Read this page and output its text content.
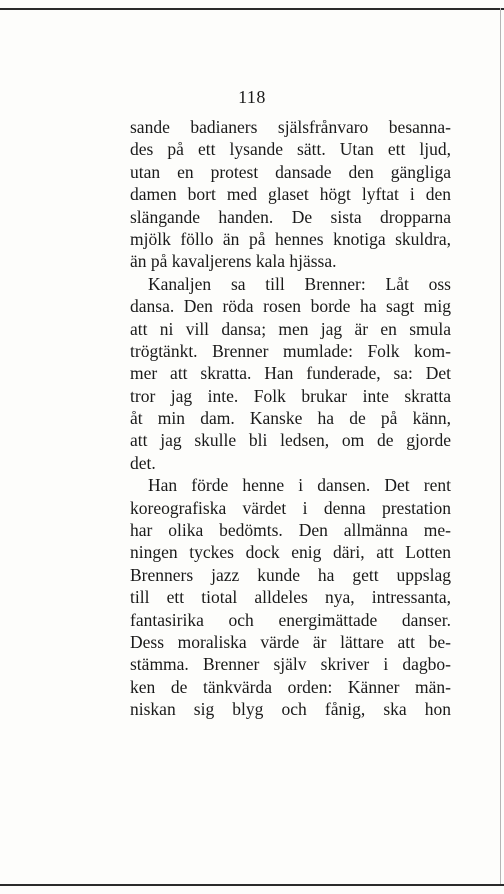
118
sande badianers själsfrånvaro besanna-
des på ett lysande sätt. Utan ett ljud,
utan en protest dansade den gängliga
damen bort med glaset högt lyftat i den
slängande handen. De sista dropparna
mjölk föllo än på hennes knotiga skuldra,
än på kavaljerens kala hjässa.
Kanaljen sa till Brenner: Låt oss
dansa. Den röda rosen borde ha sagt mig
att ni vill dansa; men jag är en smula
trögtänkt. Brenner mumlade: Folk kom-
mer att skratta. Han funderade, sa: Det
tror jag inte. Folk brukar inte skratta
åt min dam. Kanske ha de på känn,
att jag skulle bli ledsen, om de gjorde
det.
Han förde henne i dansen. Det rent
koreografiska värdet i denna prestation
har olika bedömts. Den allmänna me-
ningen tyckes dock enig däri, att Lotten
Brenners jazz kunde ha gett uppslag
till ett tiotal alldeles nya, intressanta,
fantasirika och energimättade danser.
Dess moraliska värde är lättare att be-
stämma. Brenner själv skriver i dagbo-
ken de tänkvärda orden: Känner män-
niskan sig blyg och fånig, ska hon
